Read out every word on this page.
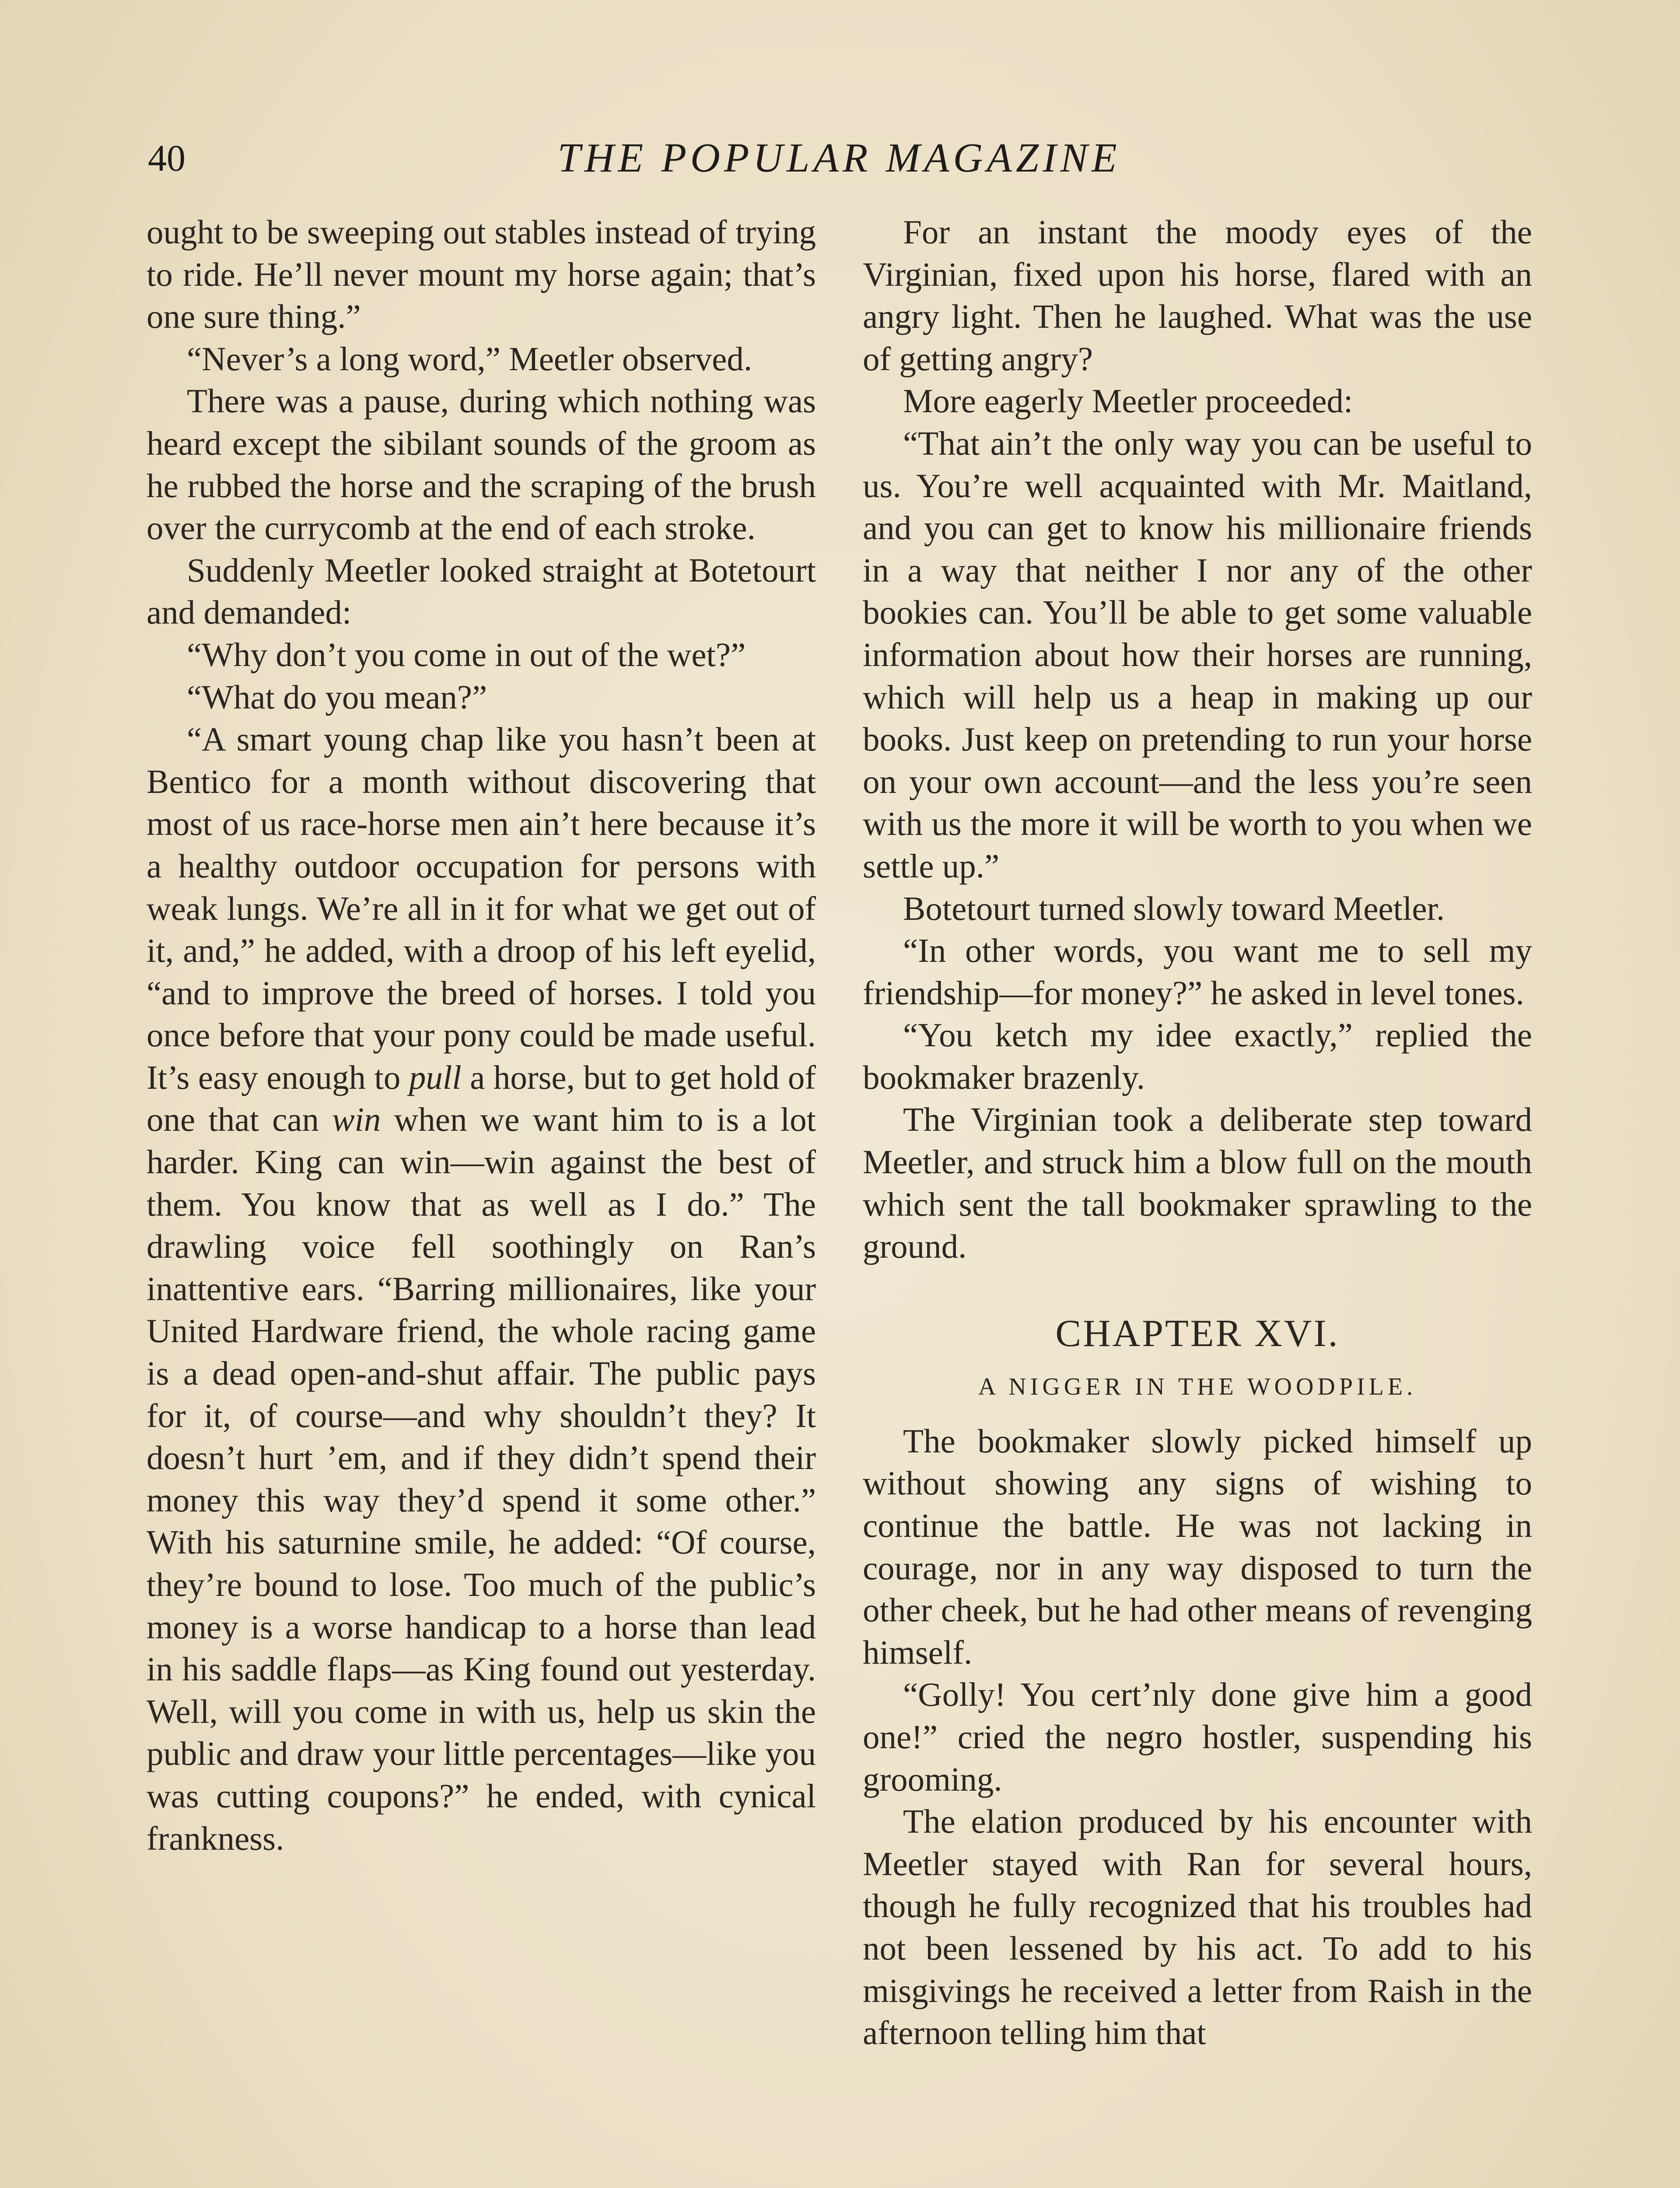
40	THE POPULAR MAGAZINE

ought to be sweeping out stables instead of trying to ride. He’ll never mount my horse again; that’s one sure thing.”

“Never’s a long word,” Meetler observed.

There was a pause, during which nothing was heard except the sibilant sounds of the groom as he rubbed the horse and the scraping of the brush over the currycomb at the end of each stroke.

Suddenly Meetler looked straight at Botetourt and demanded:

“Why don’t you come in out of the wet?”

“What do you mean?”

“A smart young chap like you hasn’t been at Bentico for a month without discovering that most of us race-horse men ain’t here because it’s a healthy outdoor occupation for persons with weak lungs. We’re all in it for what we get out of it, and,” he added, with a droop of his left eyelid, “and to improve the breed of horses. I told you once before that your pony could be made useful. It’s easy enough to pull a horse, but to get hold of one that can win when we want him to is a lot harder. King can win—win against the best of them. You know that as well as I do.” The drawling voice fell soothingly on Ran’s inattentive ears. “Barring millionaires, like your United Hardware friend, the whole racing game is a dead open-and-shut affair. The public pays for it, of course—and why shouldn’t they? It doesn’t hurt ’em, and if they didn’t spend their money this way they’d spend it some other.” With his saturnine smile, he added: “Of course, they’re bound to lose. Too much of the public’s money is a worse handicap to a horse than lead in his saddle flaps—as King found out yesterday. Well, will you come in with us, help us skin the public and draw your little percentages—like you was cutting coupons?” he ended, with cynical frankness.

For an instant the moody eyes of the Virginian, fixed upon his horse, flared with an angry light. Then he laughed. What was the use of getting angry?

More eagerly Meetler proceeded:

“That ain’t the only way you can be useful to us. You’re well acquainted with Mr. Maitland, and you can get to know his millionaire friends in a way that neither I nor any of the other bookies can. You’ll be able to get some valuable information about how their horses are running, which will help us a heap in making up our books. Just keep on pretending to run your horse on your own account—and the less you’re seen with us the more it will be worth to you when we settle up.”

Botetourt turned slowly toward Meetler.

“In other words, you want me to sell my friendship—for money?” he asked in level tones.

“You ketch my idee exactly,” replied the bookmaker brazenly.

The Virginian took a deliberate step toward Meetler, and struck him a blow full on the mouth which sent the tall bookmaker sprawling to the ground.

CHAPTER XVI.
A NIGGER IN THE WOODPILE.

The bookmaker slowly picked himself up without showing any signs of wishing to continue the battle. He was not lacking in courage, nor in any way disposed to turn the other cheek, but he had other means of revenging himself.

“Golly! You cert’nly done give him a good one!” cried the negro hostler, suspending his grooming.

The elation produced by his encounter with Meetler stayed with Ran for several hours, though he fully recognized that his troubles had not been lessened by his act. To add to his misgivings he received a letter from Raish in the afternoon telling him that
